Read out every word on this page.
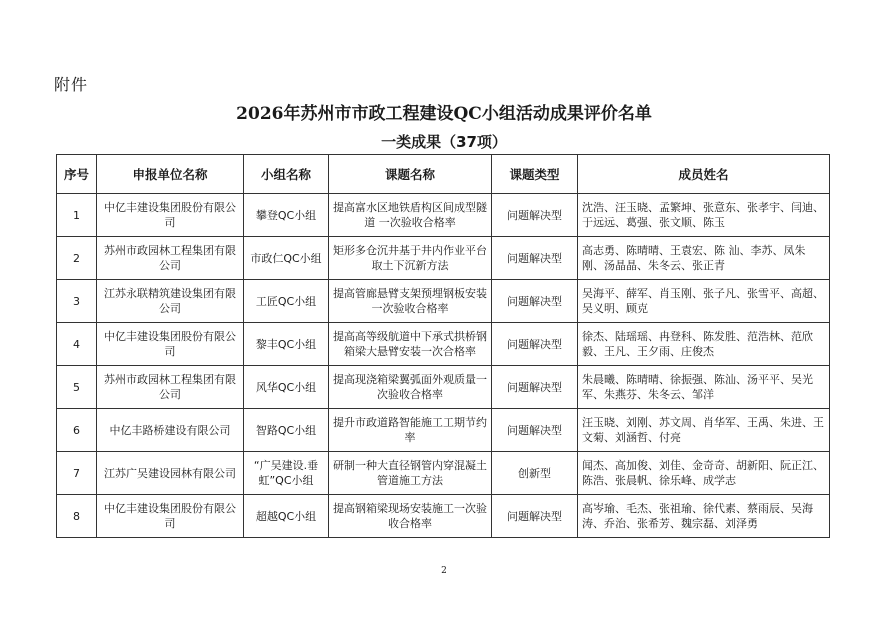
附件
2026年苏州市市政工程建设QC小组活动成果评价名单
一类成果（37项）
序号	申报单位名称	小组名称	课题名称	课题类型	成员姓名
1	中亿丰建设集团股份有限公司	攀登QC小组	提高富水区地铁盾构区间成型隧道 一次验收合格率	问题解决型	沈浩、汪玉晓、孟繁坤、张意东、张孝宇、闫迪、于远远、葛强、张文顺、陈玉
2	苏州市政园林工程集团有限公司	市政仁QC小组	矩形多仓沉井基于井内作业平台取土下沉新方法	问题解决型	高志勇、陈晴晴、王袁宏、陈 汕、李苏、凤朱刚、汤晶晶、朱冬云、张正青
3	江苏永联精筑建设集团有限公司	工匠QC小组	提高管廊悬臂支架预埋钢板安装一次验收合格率	问题解决型	吴海平、薛军、肖玉刚、张子凡、张雪平、高超、吴义明、顾克
4	中亿丰建设集团股份有限公司	黎丰QC小组	提高高等级航道中下承式拱桥钢箱梁大悬臂安装一次合格率	问题解决型	徐杰、陆瑶瑶、冉登科、陈发胜、范浩林、范欣毅、王凡、王夕雨、庄俊杰
5	苏州市政园林工程集团有限公司	风华QC小组	提高现浇箱梁翼弧面外观质量一次验收合格率	问题解决型	朱晨曦、陈晴晴、徐振强、陈汕、汤平平、吴光军、朱燕芬、朱冬云、邹洋
6	中亿丰路桥建设有限公司	智路QC小组	提升市政道路智能施工工期节约率	问题解决型	汪玉晓、刘刚、苏文周、肖华军、王禹、朱进、王文菊、刘涵哲、付亮
7	江苏广吴建设园林有限公司	“广吴建设.垂虹”QC小组	研制一种大直径钢管内穿混凝土管道施工方法	创新型	闻杰、高加俊、刘佳、金奇奇、胡新阳、阮正江、陈浩、张晨帆、徐乐峰、成学志
8	中亿丰建设集团股份有限公司	超越QC小组	提高钢箱梁现场安装施工一次验收合格率	问题解决型	高岑瑜、毛杰、张祖瑜、徐代素、蔡雨辰、吴海涛、乔治、张希芳、魏宗磊、刘泽勇
2
